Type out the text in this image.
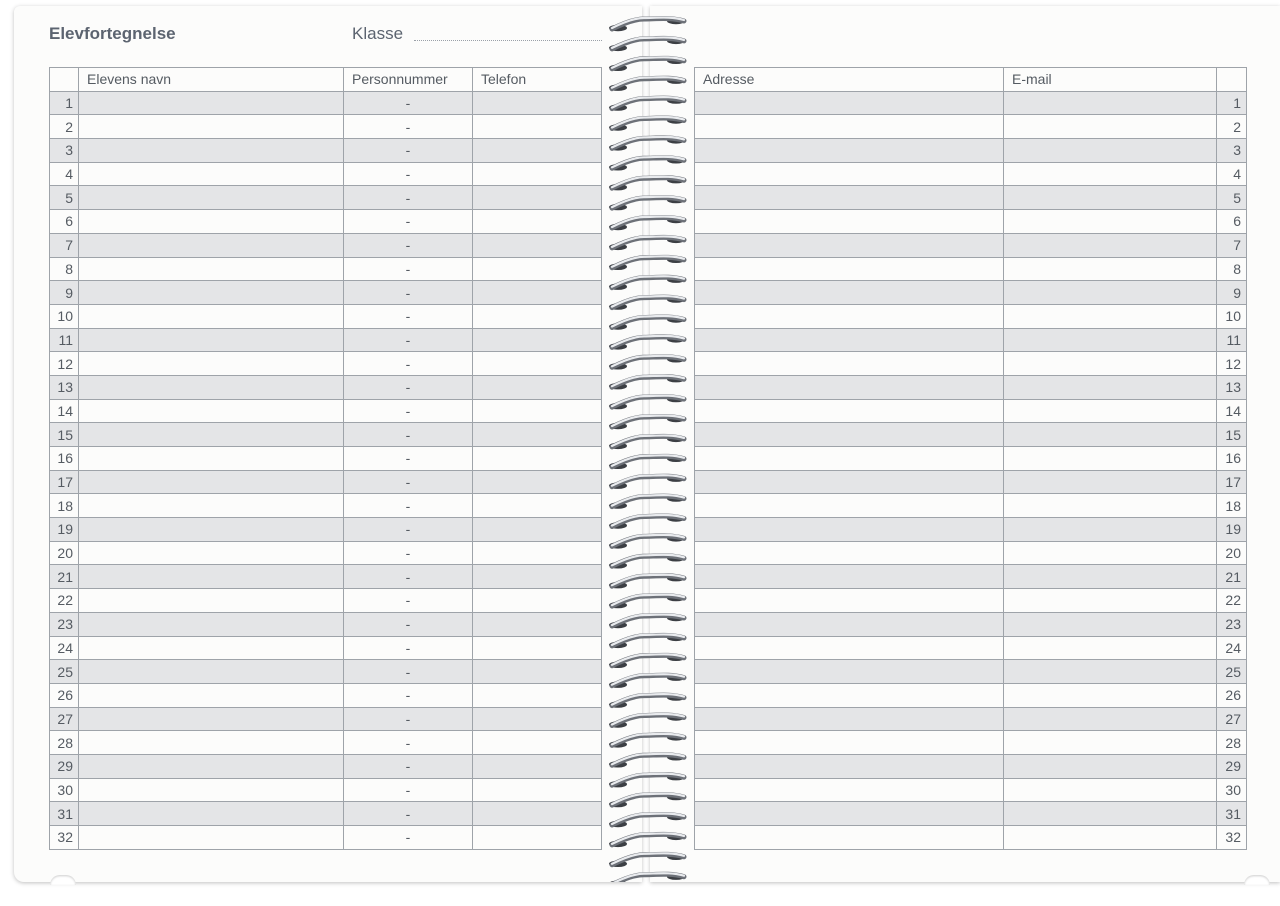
Elevfortegnelse	Klasse
	Elevens navn	Personnummer	Telefon
1		-	
2		-	
3		-	
4		-	
5		-	
6		-	
7		-	
8		-	
9		-	
10		-	
11		-	
12		-	
13		-	
14		-	
15		-	
16		-	
17		-	
18		-	
19		-	
20		-	
21		-	
22		-	
23		-	
24		-	
25		-	
26		-	
27		-	
28		-	
29		-	
30		-	
31		-	
32		-	
Adresse	E-mail	
		1
		2
		3
		4
		5
		6
		7
		8
		9
		10
		11
		12
		13
		14
		15
		16
		17
		18
		19
		20
		21
		22
		23
		24
		25
		26
		27
		28
		29
		30
		31
		32
